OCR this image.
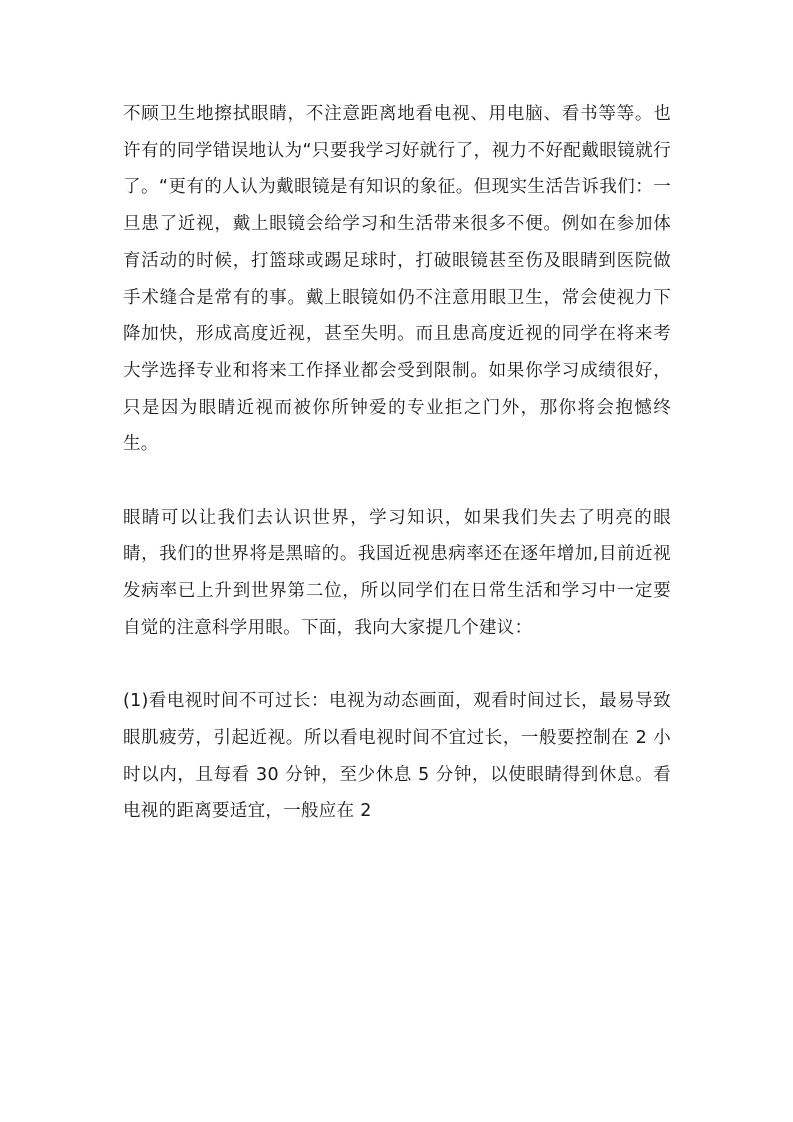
不顾卫生地擦拭眼睛，不注意距离地看电视、用电脑、看书等等。也许有的同学错误地认为“只要我学习好就行了，视力不好配戴眼镜就行了。“更有的人认为戴眼镜是有知识的象征。但现实生活告诉我们：一旦患了近视，戴上眼镜会给学习和生活带来很多不便。例如在参加体育活动的时候，打篮球或踢足球时，打破眼镜甚至伤及眼睛到医院做手术缝合是常有的事。戴上眼镜如仍不注意用眼卫生，常会使视力下降加快，形成高度近视，甚至失明。而且患高度近视的同学在将来考大学选择专业和将来工作择业都会受到限制。如果你学习成绩很好，只是因为眼睛近视而被你所钟爱的专业拒之门外，那你将会抱憾终生。

眼睛可以让我们去认识世界，学习知识，如果我们失去了明亮的眼睛，我们的世界将是黑暗的。我国近视患病率还在逐年增加,目前近视发病率已上升到世界第二位，所以同学们在日常生活和学习中一定要自觉的注意科学用眼。下面，我向大家提几个建议：

(1)看电视时间不可过长：电视为动态画面，观看时间过长，最易导致眼肌疲劳，引起近视。所以看电视时间不宜过长，一般要控制在 2 小时以内，且每看 30 分钟，至少休息 5 分钟，以使眼睛得到休息。看电视的距离要适宜，一般应在 2
